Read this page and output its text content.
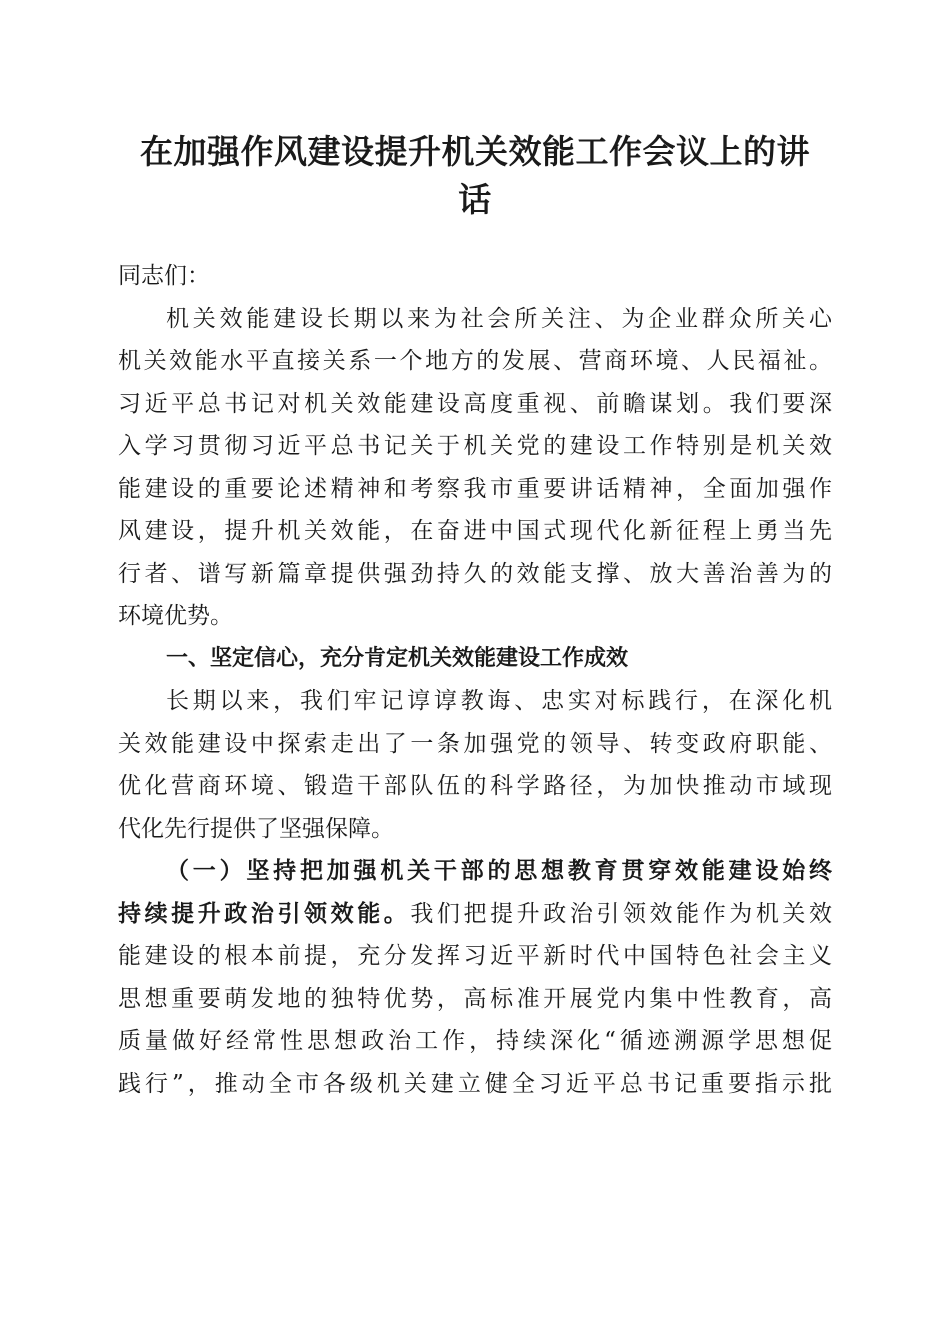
在加强作风建设提升机关效能工作会议上的讲
话
同志们：
机关效能建设长期以来为社会所关注、为企业群众所关心
机关效能水平直接关系一个地方的发展、营商环境、人民福祉。
习近平总书记对机关效能建设高度重视、前瞻谋划。我们要深
入学习贯彻习近平总书记关于机关党的建设工作特别是机关效
能建设的重要论述精神和考察我市重要讲话精神，全面加强作
风建设，提升机关效能，在奋进中国式现代化新征程上勇当先
行者、谱写新篇章提供强劲持久的效能支撑、放大善治善为的
环境优势。
一、坚定信心，充分肯定机关效能建设工作成效
长期以来，我们牢记谆谆教诲、忠实对标践行，在深化机
关效能建设中探索走出了一条加强党的领导、转变政府职能、
优化营商环境、锻造干部队伍的科学路径，为加快推动市域现
代化先行提供了坚强保障。
（一）坚持把加强机关干部的思想教育贯穿效能建设始终
持续提升政治引领效能。我们把提升政治引领效能作为机关效
能建设的根本前提，充分发挥习近平新时代中国特色社会主义
思想重要萌发地的独特优势，高标准开展党内集中性教育，高
质量做好经常性思想政治工作，持续深化“循迹溯源学思想促
践行”，推动全市各级机关建立健全习近平总书记重要指示批
